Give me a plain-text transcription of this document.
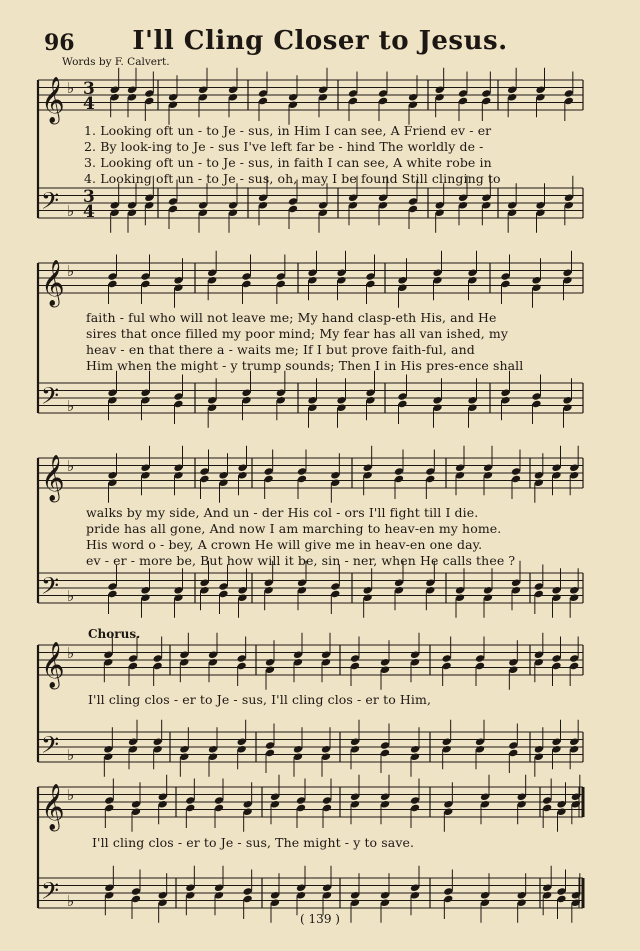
96	I'll Cling Closer to Jesus.
Words by F. Calvert.
𝄞
𝄢
♭
♭
3
4
3
4
𝄞
𝄢
♭
♭
𝄞
𝄢
♭
♭
𝄞
𝄢
♭
♭
𝄞
𝄢
♭
♭
1. Looking oft un - to Je - sus, in Him I can see, A Friend ev - er
2. By look-ing to Je - sus I've left far be - hind The worldly de -
3. Looking oft un - to Je - sus, in faith I can see, A white robe in
4. Looking oft un - to Je - sus, oh, may I be found Still clinging to
faith - ful who will not leave me; My hand clasp-eth His, and He
sires that once filled my poor mind; My fear has all van ished, my
heav - en that there a - waits me; If I but prove faith-ful, and
Him when the might - y trump sounds; Then I in His pres-ence shall
walks by my side, And un - der His col - ors I'll fight till I die.
pride has all gone, And now I am marching to heav-en my home.
His word o - bey, A crown He will give me in heav-en one day.
ev - er - more be, But how will it be, sin - ner, when He calls thee ?
Chorus.
I'll cling clos - er to Je - sus, I'll cling clos - er to Him,
I'll cling clos - er to Je - sus, The might - y to save.
( 139 )
